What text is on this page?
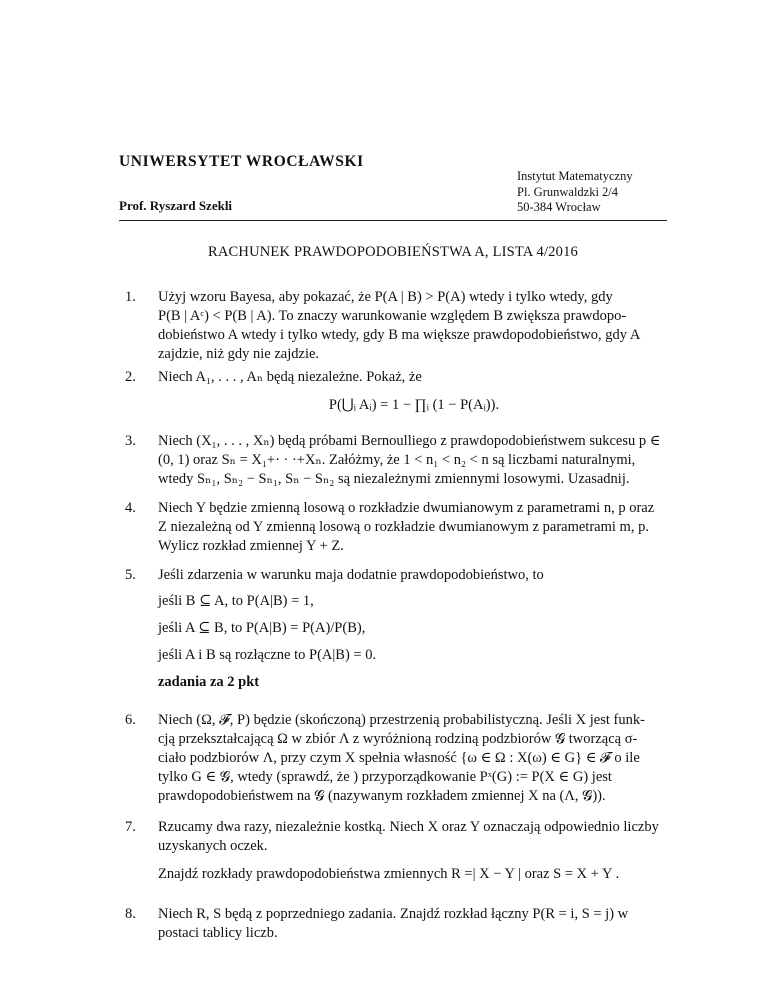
UNIWERSYTET WROCŁAWSKI
Prof. Ryszard Szekli
Instytut Matematyczny
Pl. Grunwaldzki 2/4
50-384 Wrocław
RACHUNEK PRAWDOPODOBIEŃSTWA A, LISTA 4/2016
1. Użyj wzoru Bayesa, aby pokazać, że P(A | B) > P(A) wtedy i tylko wtedy, gdy
P(B | Aᶜ) < P(B | A). To znaczy warunkowanie względem B zwiększa prawdopo-
dobieństwo A wtedy i tylko wtedy, gdy B ma większe prawdopodobieństwo, gdy A
zajdzie, niż gdy nie zajdzie.
2. Niech A₁, . . . , Aₙ będą niezależne. Pokaż, że
P(⋃ᵢ Aᵢ) = 1 − ∏ᵢ (1 − P(Aᵢ)).
3. Niech (X₁, . . . , Xₙ) będą próbami Bernoulliego z prawdopodobieństwem sukcesu p ∈
(0, 1) oraz Sₙ = X₁+· · ·+Xₙ. Załóżmy, że 1 < n₁ < n₂ < n są liczbami naturalnymi,
wtedy Sₙ₁, Sₙ₂ − Sₙ₁, Sₙ − Sₙ₂ są niezależnymi zmiennymi losowymi. Uzasadnij.
4. Niech Y będzie zmienną losową o rozkładzie dwumianowym z parametrami n, p oraz
Z niezależną od Y zmienną losową o rozkładzie dwumianowym z parametrami m, p.
Wylicz rozkład zmiennej Y + Z.
5. Jeśli zdarzenia w warunku maja dodatnie prawdopodobieństwo, to
jeśli B ⊆ A, to P(A|B) = 1,
jeśli A ⊆ B, to P(A|B) = P(A)/P(B),
jeśli A i B są rozłączne to P(A|B) = 0.
zadania za 2 pkt
6. Niech (Ω, 𝓕, P) będzie (skończoną) przestrzenią probabilistyczną. Jeśli X jest funk-
cją przekształcającą Ω w zbiór Λ z wyróżnioną rodziną podzbiorów 𝓖 tworzącą σ-
ciało podzbiorów Λ, przy czym X spełnia własność {ω ∈ Ω : X(ω) ∈ G} ∈ 𝓕 o ile
tylko G ∈ 𝓖, wtedy (sprawdź, że ) przyporządkowanie Pˣ(G) := P(X ∈ G) jest
prawdopodobieństwem na 𝓖 (nazywanym rozkładem zmiennej X na (Λ, 𝓖)).
7. Rzucamy dwa razy, niezależnie kostką. Niech X oraz Y oznaczają odpowiednio liczby
uzyskanych oczek.
Znajdź rozkłady prawdopodobieństwa zmiennych R =| X − Y | oraz S = X + Y .
8. Niech R, S będą z poprzedniego zadania. Znajdź rozkład łączny P(R = i, S = j) w
postaci tablicy liczb.
